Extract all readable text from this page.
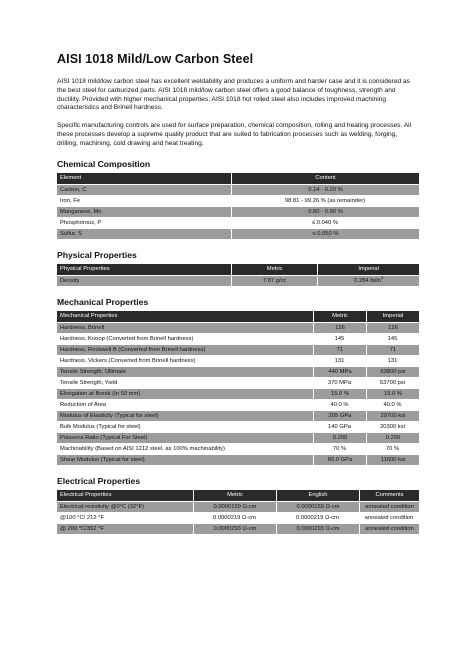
AISI 1018 Mild/Low Carbon Steel

AISI 1018 mild/low carbon steel has excellent weldability and produces a uniform and harder case and it is considered as the best steel for carburized parts. AISI 1018 mild/low carbon steel offers a good balance of toughness, strength and ductility. Provided with higher mechanical properties, AISI 1018 hot rolled steel also includes improved machining characteristics and Brinell hardness.

Specific manufacturing controls are used for surface preparation, chemical composition, rolling and heating processes. All these processes develop a supreme quality product that are suited to fabrication processes such as welding, forging, drilling, machining, cold drawing and heat treating.

Chemical Composition
Element	Content
Carbon, C	0.14 - 0.20 %
Iron, Fe	98.81 - 99.26 % (as remainder)
Manganese, Mn	0.60 - 0.90 %
Phosphorous, P	≤ 0.040 %
Sulfur, S	≤ 0.050 %
Physical Properties
Physical Properties	Metric	Imperial
Density	7.87 g/cc	0.284 $lb/in^3$
Mechanical Properties
Mechanical Properties	Metric	Imperial
Hardness, Brinell	126	126
Hardness, Knoop (Converted from Brinell hardness)	145	145
Hardness, Rockwell B (Converted from Brinell hardness)	71	71
Hardness, Vickers (Converted from Brinell hardness)	131	131
Tensile Strength, Ultimate	440 MPa	63800 psi
Tensile Strength, Yield	370 MPa	53700 psi
Elongation at Break (In 50 mm)	15.0 %	15.0 %
Reduction of Area	40.0 %	40.0 %
Modulus of Elasticity (Typical for steel)	205 GPa	29700 ksi
Bulk Modulus (Typical for steel)	140 GPa	20300 ksi
Poissons Ratio (Typical For Steel)	0.290	0.290
Machinability (Based on AISI 1212 steel. as 100% machinability)	70 %	70 %
Shear Modulus (Typical for steel)	80.0 GPa	11600 ksi
Electrical Properties
Electrical Properties	Metric	English	Comments
Electrical resistivity @0°C (32°F)	0.0000159 Ω-cm	0.0000159 Ω-cm	annealed condition
@100 °C/ 212 °F	0.0000219 Ω-cm	0.0000219 Ω-cm	annealed condition
@ 200 °C/392 °F	0.0000293 Ω-cm	0.0000293 Ω-cm	annealed condition
